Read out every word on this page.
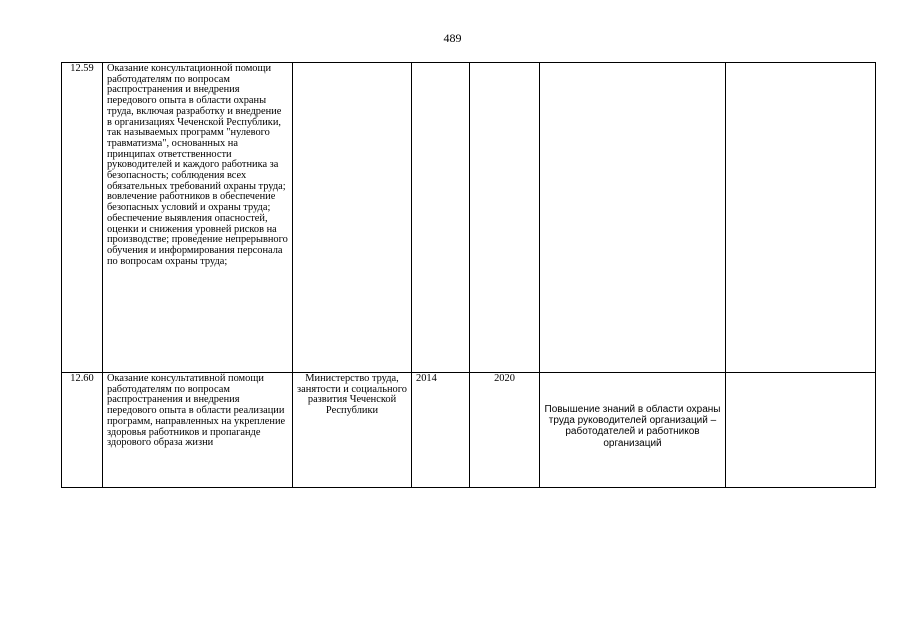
489
12.59	Оказание консультационной помощи работодателям по вопросам распространения и внедрения передового опыта в области охраны труда, включая разработку и внедрение в организациях Чеченской Республики, так называемых программ "нулевого травматизма", основанных на принципах ответственности руководителей и каждого работника за безопасность; соблюдения всех обязательных требований охраны труда; вовлечение работников в обеспечение безопасных условий и охраны труда; обеспечение выявления опасностей, оценки и снижения уровней рисков на производстве; проведение непрерывного обучения и информирования персонала по вопросам охраны труда;				

12.60	Оказание консультативной помощи работодателям по вопросам распространения и внедрения передового опыта в области реализации программ, направленных на укрепление здоровья работников и пропаганде здорового образа жизни	Министерство труда, занятости и социального развития Чеченской Республики	2014	2020	Повышение знаний в области охраны труда руководителей организаций – работодателей и работников организаций	
